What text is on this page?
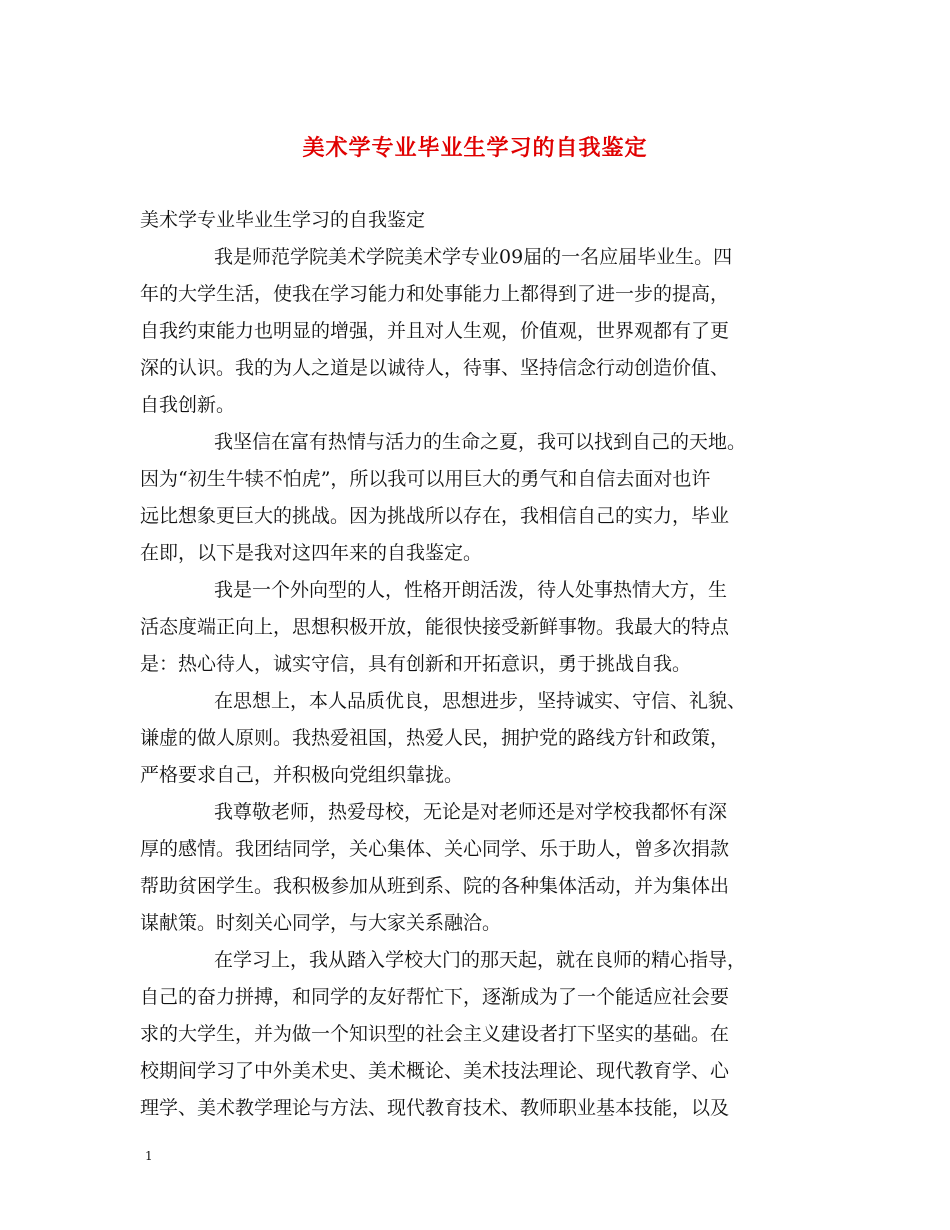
美术学专业毕业生学习的自我鉴定
美术学专业毕业生学习的自我鉴定
我是师范学院美术学院美术学专业09届的一名应届毕业生。四
年的大学生活，使我在学习能力和处事能力上都得到了进一步的提高，
自我约束能力也明显的增强，并且对人生观，价值观，世界观都有了更
深的认识。我的为人之道是以诚待人，待事、坚持信念行动创造价值、
自我创新。
我坚信在富有热情与活力的生命之夏，我可以找到自己的天地。
因为“初生牛犊不怕虎”，所以我可以用巨大的勇气和自信去面对也许
远比想象更巨大的挑战。因为挑战所以存在，我相信自己的实力，毕业
在即，以下是我对这四年来的自我鉴定。
我是一个外向型的人，性格开朗活泼，待人处事热情大方，生
活态度端正向上，思想积极开放，能很快接受新鲜事物。我最大的特点
是：热心待人，诚实守信，具有创新和开拓意识，勇于挑战自我。
在思想上，本人品质优良，思想进步，坚持诚实、守信、礼貌、
谦虚的做人原则。我热爱祖国，热爱人民，拥护党的路线方针和政策，
严格要求自己，并积极向党组织靠拢。
我尊敬老师，热爱母校，无论是对老师还是对学校我都怀有深
厚的感情。我团结同学，关心集体、关心同学、乐于助人，曾多次捐款
帮助贫困学生。我积极参加从班到系、院的各种集体活动，并为集体出
谋献策。时刻关心同学，与大家关系融洽。
在学习上，我从踏入学校大门的那天起，就在良师的精心指导，
自己的奋力拼搏，和同学的友好帮忙下，逐渐成为了一个能适应社会要
求的大学生，并为做一个知识型的社会主义建设者打下坚实的基础。在
校期间学习了中外美术史、美术概论、美术技法理论、现代教育学、心
理学、美术教学理论与方法、现代教育技术、教师职业基本技能，以及
1
